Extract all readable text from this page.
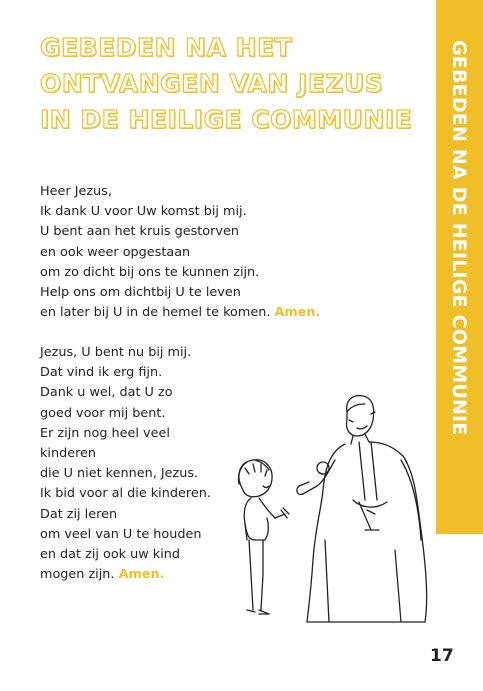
GEBEDEN NA HET
ONTVANGEN VAN JEZUS
IN DE HEILIGE COMMUNIE GEBEDEN NA DE HEILIGE COMMUNIE
Heer Jezus,
Ik dank U voor Uw komst bij mij.
U bent aan het kruis gestorven
en ook weer opgestaan
om zo dicht bij ons te kunnen zijn.
Help ons om dichtbij U te leven
en later bij U in de hemel te komen. Amen.
Jezus, U bent nu bij mij.
Dat vind ik erg fijn.
Dank u wel, dat U zo
goed voor mij bent.
Er zijn nog heel veel
kinderen
die U niet kennen, Jezus.
Ik bid voor al die kinderen.
Dat zij leren
om veel van U te houden
en dat zij ook uw kind
mogen zijn. Amen.
17
